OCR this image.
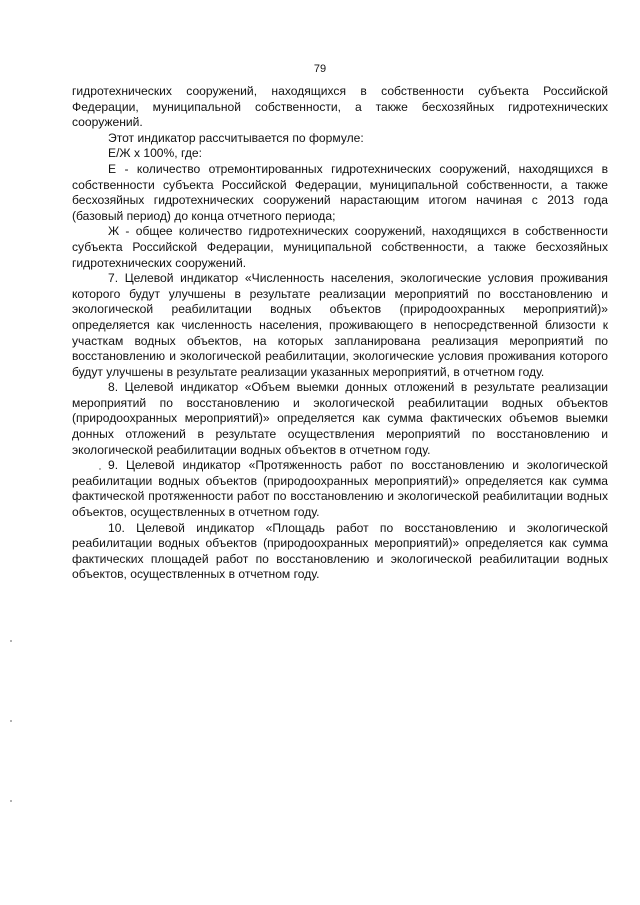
79

гидротехнических сооружений, находящихся в собственности субъекта Российской Федерации, муниципальной собственности, а также бесхозяйных гидротехнических сооружений.

Этот индикатор рассчитывается по формуле:

Е/Ж х 100%, где:

Е - количество отремонтированных гидротехнических сооружений, находящихся в собственности субъекта Российской Федерации, муниципальной собственности, а также бесхозяйных гидротехнических сооружений нарастающим итогом начиная с 2013 года (базовый период) до конца отчетного периода;

Ж - общее количество гидротехнических сооружений, находящихся в собственности субъекта Российской Федерации, муниципальной собственности, а также бесхозяйных гидротехнических сооружений.

7. Целевой индикатор «Численность населения, экологические условия проживания которого будут улучшены в результате реализации мероприятий по восстановлению и экологической реабилитации водных объектов (природоохранных мероприятий)» определяется как численность населения, проживающего в непосредственной близости к участкам водных объектов, на которых запланирована реализация мероприятий по восстановлению и экологической реабилитации, экологические условия проживания которого будут улучшены в результате реализации указанных мероприятий, в отчетном году.

8. Целевой индикатор «Объем выемки донных отложений в результате реализации мероприятий по восстановлению и экологической реабилитации водных объектов (природоохранных мероприятий)» определяется как сумма фактических объемов выемки донных отложений в результате осуществления мероприятий по восстановлению и экологической реабилитации водных объектов в отчетном году.

9. Целевой индикатор «Протяженность работ по восстановлению и экологической реабилитации водных объектов (природоохранных мероприятий)» определяется как сумма фактической протяженности работ по восстановлению и экологической реабилитации водных объектов, осуществленных в отчетном году.

10. Целевой индикатор «Площадь работ по восстановлению и экологической реабилитации водных объектов (природоохранных мероприятий)» определяется как сумма фактических площадей работ по восстановлению и экологической реабилитации водных объектов, осуществленных в отчетном году.
